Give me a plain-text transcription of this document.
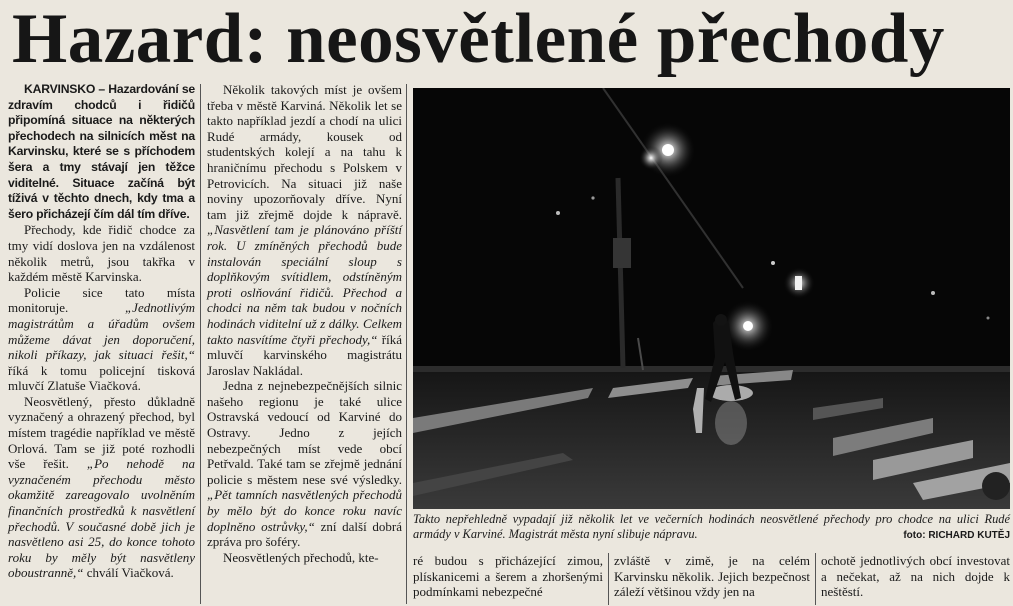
Hazard: neosvětlené přechody

KARVINSKO – Hazardování se zdravím chodců i řidičů připomíná situace na některých přechodech na silnicích měst na Karvinsku, které se s příchodem šera a tmy stávají jen těžce viditelné. Situace začíná být tíživá v těchto dnech, kdy tma a šero přicházejí čím dál tím dříve.

Přechody, kde řidič chodce za tmy vidí doslova jen na vzdálenost několik metrů, jsou takřka v každém městě Karvinska.

Policie sice tato místa monitoruje. „Jednotlivým magistrátům a úřadům ovšem můžeme dávat jen doporučení, nikoli příkazy, jak situaci řešit,“ říká k tomu policejní tisková mluvčí Zlatuše Viačková.

Neosvětlený, přesto důkladně vyznačený a ohrazený přechod, byl místem tragédie například ve městě Orlová. Tam se již poté rozhodli vše řešit. „Po nehodě na vyznačeném přechodu město okamžitě zareagovalo uvolněním finančních prostředků k nasvětlení přechodů. V současné době jich je nasvětleno asi 25, do konce tohoto roku by měly být nasvětleny oboustranně,“ chválí Viačková.

Několik takových míst je ovšem třeba v městě Karviná. Několik let se takto například jezdí a chodí na ulici Rudé armády, kousek od studentských kolejí a na tahu k hraničnímu přechodu s Polskem v Petrovicích. Na situaci již naše noviny upozorňovaly dříve. Nyní tam již zřejmě dojde k nápravě. „Nasvětlení tam je plánováno příští rok. U zmíněných přechodů bude instalován speciální sloup s doplňkovým svítidlem, odstíněným proti oslňování řidičů. Přechod a chodci na něm tak budou v nočních hodinách viditelní už z dálky. Celkem takto nasvítíme čtyři přechody,“ říká mluvčí karvinského magistrátu Jaroslav Nakládal.

Jedna z nejnebezpečnějších silnic našeho regionu je také ulice Ostravská vedoucí od Karviné do Ostravy. Jedno z jejích nebezpečných míst vede obcí Petřvald. Také tam se zřejmě jednání policie s městem nese své výsledky. „Pět tamních nasvětlených přechodů by mělo být do konce roku navíc doplněno ostrůvky,“ zní další dobrá zpráva pro šoféry.

Neosvětlených přechodů, kte-

Takto nepřehledně vypadají již několik let ve večerních hodinách neosvětlené přechody pro chodce na ulici Rudé armády v Karviné. Magistrát města nyní slibuje nápravu.	foto: RICHARD KUTĚJ
ré budou s přicházející zimou, plískanicemi a šerem a zhoršenými podmínkami nebezpečné
zvláště v zimě, je na celém Karvinsku několik. Jejich bezpečnost záleží většinou vždy jen na
ochotě jednotlivých obcí investovat a nečekat, až na nich dojde k neštěstí.
